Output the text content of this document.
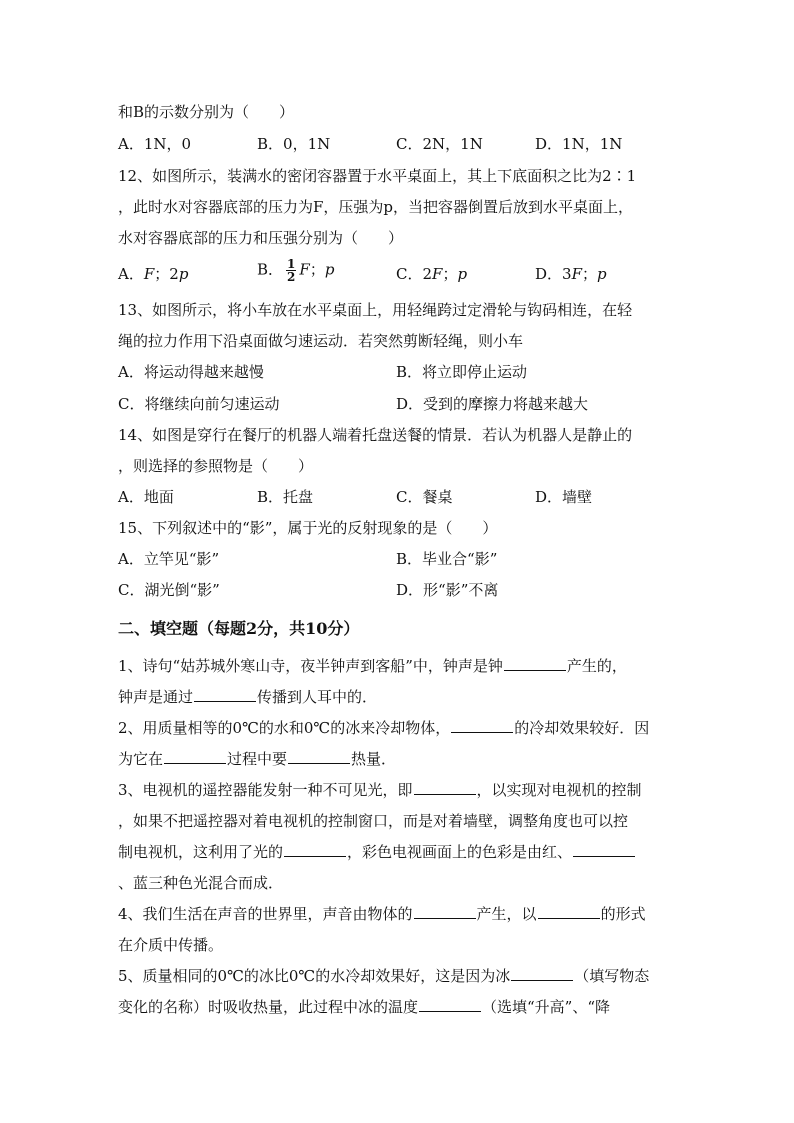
和B的示数分别为（　　）
A．1N，0	B．0，1N	C．2N，1N	D．1N，1N
12、如图所示，装满水的密闭容器置于水平桌面上，其上下底面积之比为2∶1
，此时水对容器底部的压力为F，压强为p，当把容器倒置后放到水平桌面上，
水对容器底部的压力和压强分别为（　　）
A．F；2p	B． $\frac{1}{2}$ F；p	C．2F；p	D．3F；p
13、如图所示，将小车放在水平桌面上，用轻绳跨过定滑轮与钩码相连，在轻
绳的拉力作用下沿桌面做匀速运动．若突然剪断轻绳，则小车
A．将运动得越来越慢	B．将立即停止运动
C．将继续向前匀速运动	D．受到的摩擦力将越来越大
14、如图是穿行在餐厅的机器人端着托盘送餐的情景．若认为机器人是静止的
，则选择的参照物是（　　）
A．地面	B．托盘	C．餐桌	D．墙壁
15、下列叙述中的“影”，属于光的反射现象的是（　　）
A．立竿见“影”	B．毕业合“影”
C．湖光倒“影”	D．形“影”不离
二、填空题（每题2分，共10分）
1、诗句“姑苏城外寒山寺，夜半钟声到客船”中，钟声是钟	产生的，
钟声是通过	传播到人耳中的．
2、用质量相等的0℃的水和0℃的冰来冷却物体，	的冷却效果较好．因
为它在	过程中要	热量．
3、电视机的遥控器能发射一种不可见光，即	，以实现对电视机的控制
，如果不把遥控器对着电视机的控制窗口，而是对着墙壁，调整角度也可以控
制电视机，这利用了光的	，彩色电视画面上的色彩是由红、
、蓝三种色光混合而成．
4、我们生活在声音的世界里，声音由物体的	产生，以	的形式
在介质中传播。
5、质量相同的0℃的冰比0℃的水冷却效果好，这是因为冰	（填写物态
变化的名称）时吸收热量，此过程中冰的温度	（选填“升高”、“降
